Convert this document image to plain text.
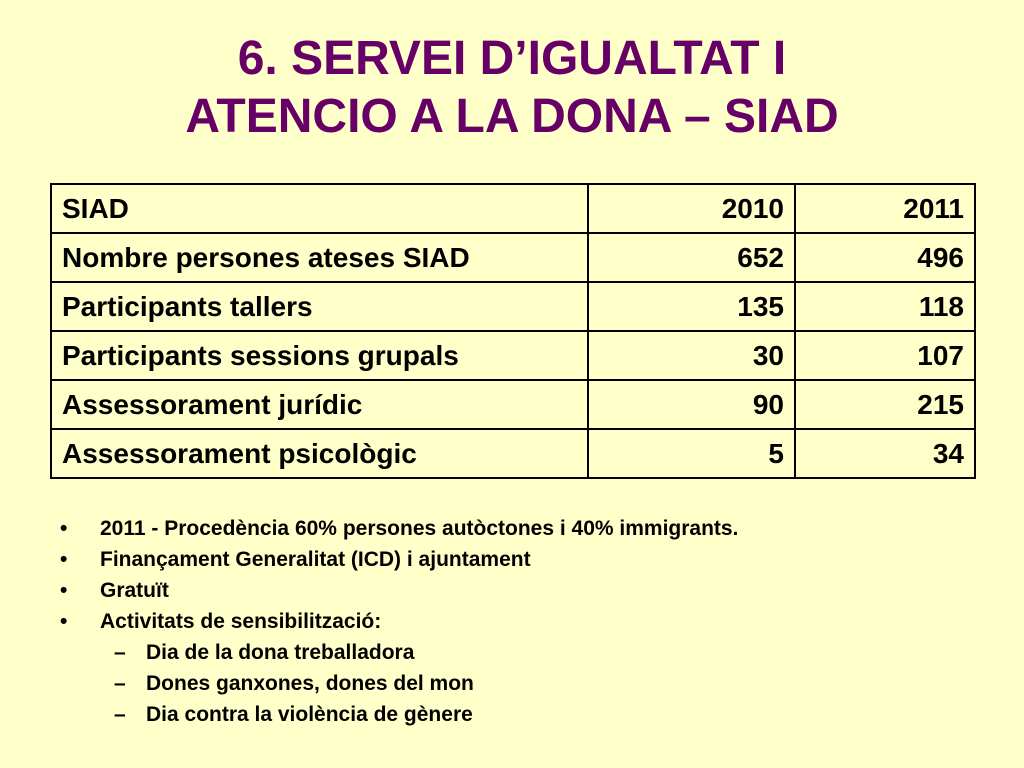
6. SERVEI D’IGUALTAT I
ATENCIO A LA DONA – SIAD
SIAD	2010	2011
Nombre persones ateses SIAD	652	496
Participants tallers	135	118
Participants sessions grupals	30	107
Assessorament jurídic	90	215
Assessorament psicològic	5	34
•	2011 - Procedència 60% persones autòctones i 40% immigrants.
•	Finançament Generalitat (ICD) i ajuntament
•	Gratuït
•	Activitats de sensibilització:
– Dia de la dona treballadora
– Dones ganxones, dones del mon
– Dia contra la violència de gènere
